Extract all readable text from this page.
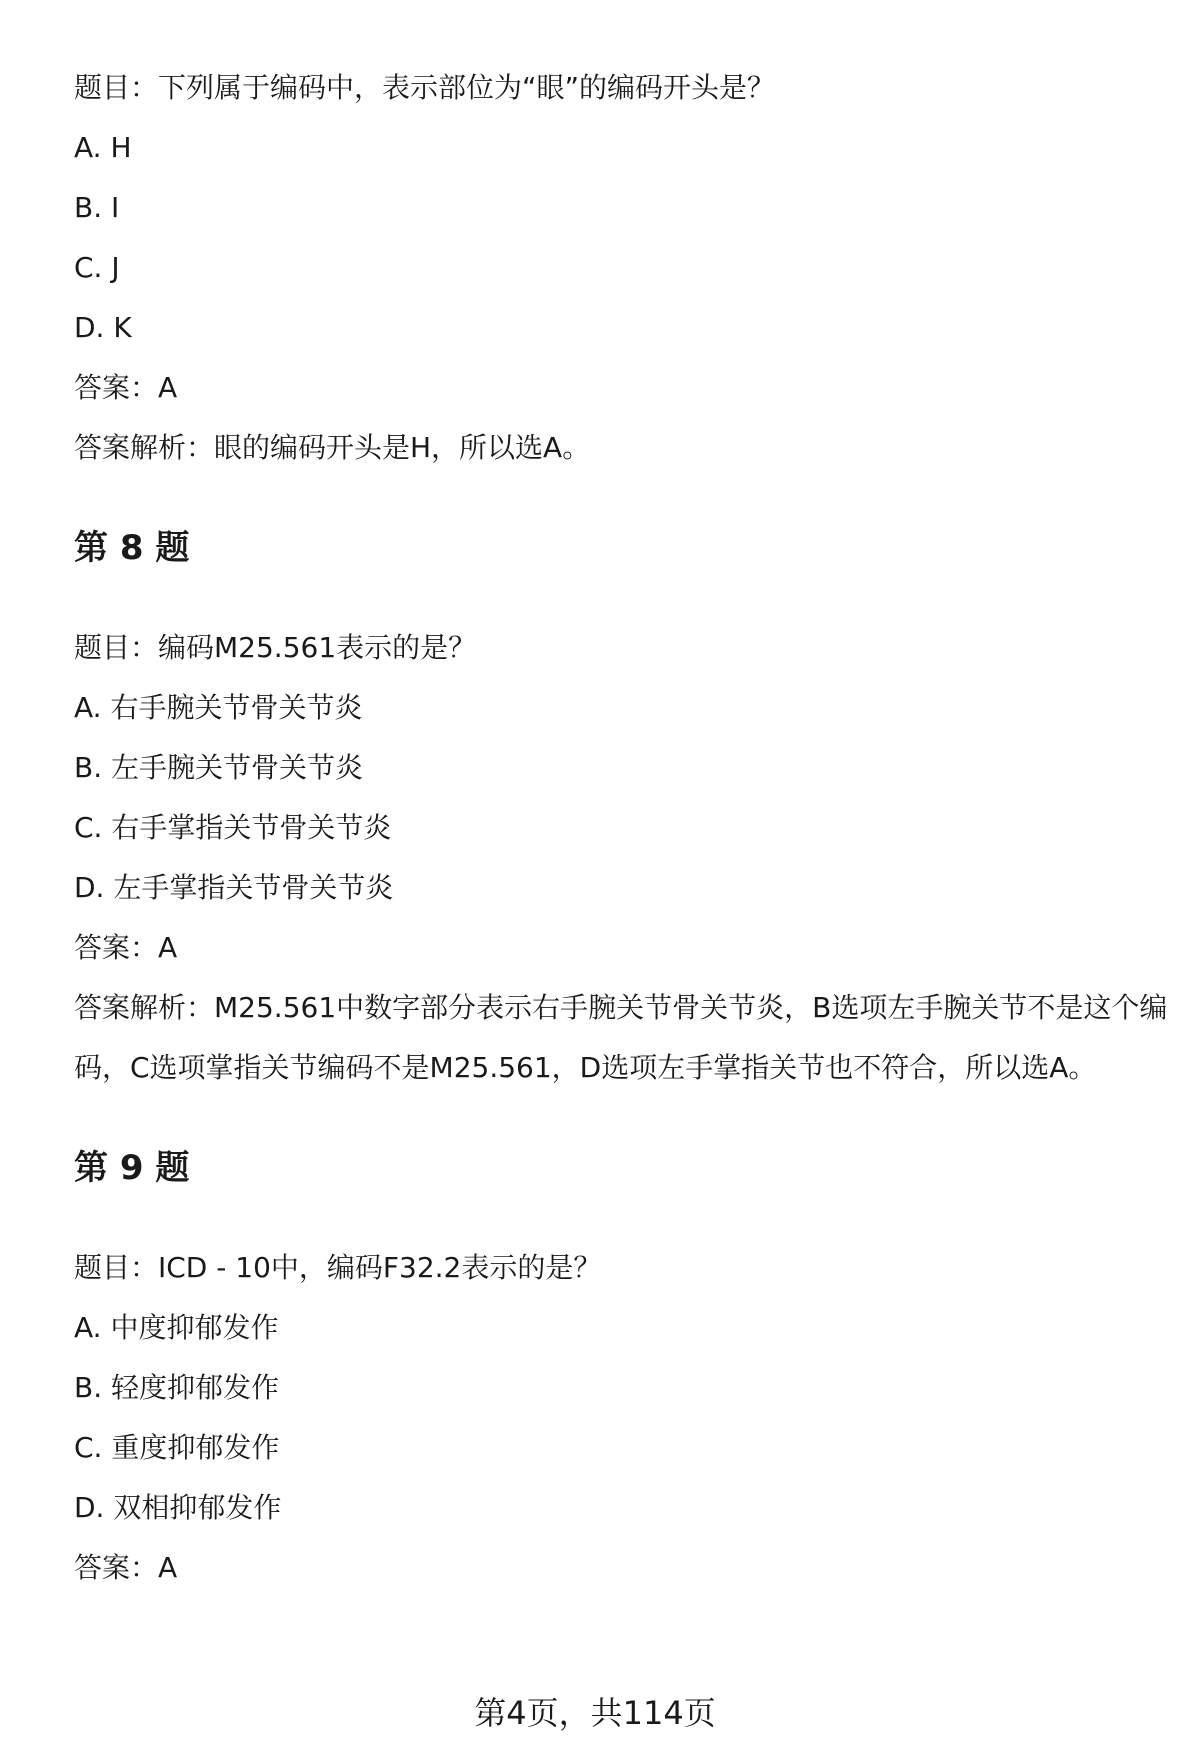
题目：下列属于编码中，表示部位为“眼”的编码开头是？
A. H
B. I
C. J
D. K
答案：A
答案解析：眼的编码开头是H，所以选A。
第 8 题
题目：编码M25.561表示的是？
A. 右手腕关节骨关节炎
B. 左手腕关节骨关节炎
C. 右手掌指关节骨关节炎
D. 左手掌指关节骨关节炎
答案：A
答案解析：M25.561中数字部分表示右手腕关节骨关节炎，B选项左手腕关节不是这个编码，C选项掌指关节编码不是M25.561，D选项左手掌指关节也不符合，所以选A。
第 9 题
题目：ICD - 10中，编码F32.2表示的是？
A. 中度抑郁发作
B. 轻度抑郁发作
C. 重度抑郁发作
D. 双相抑郁发作
答案：A
第4页，共114页
